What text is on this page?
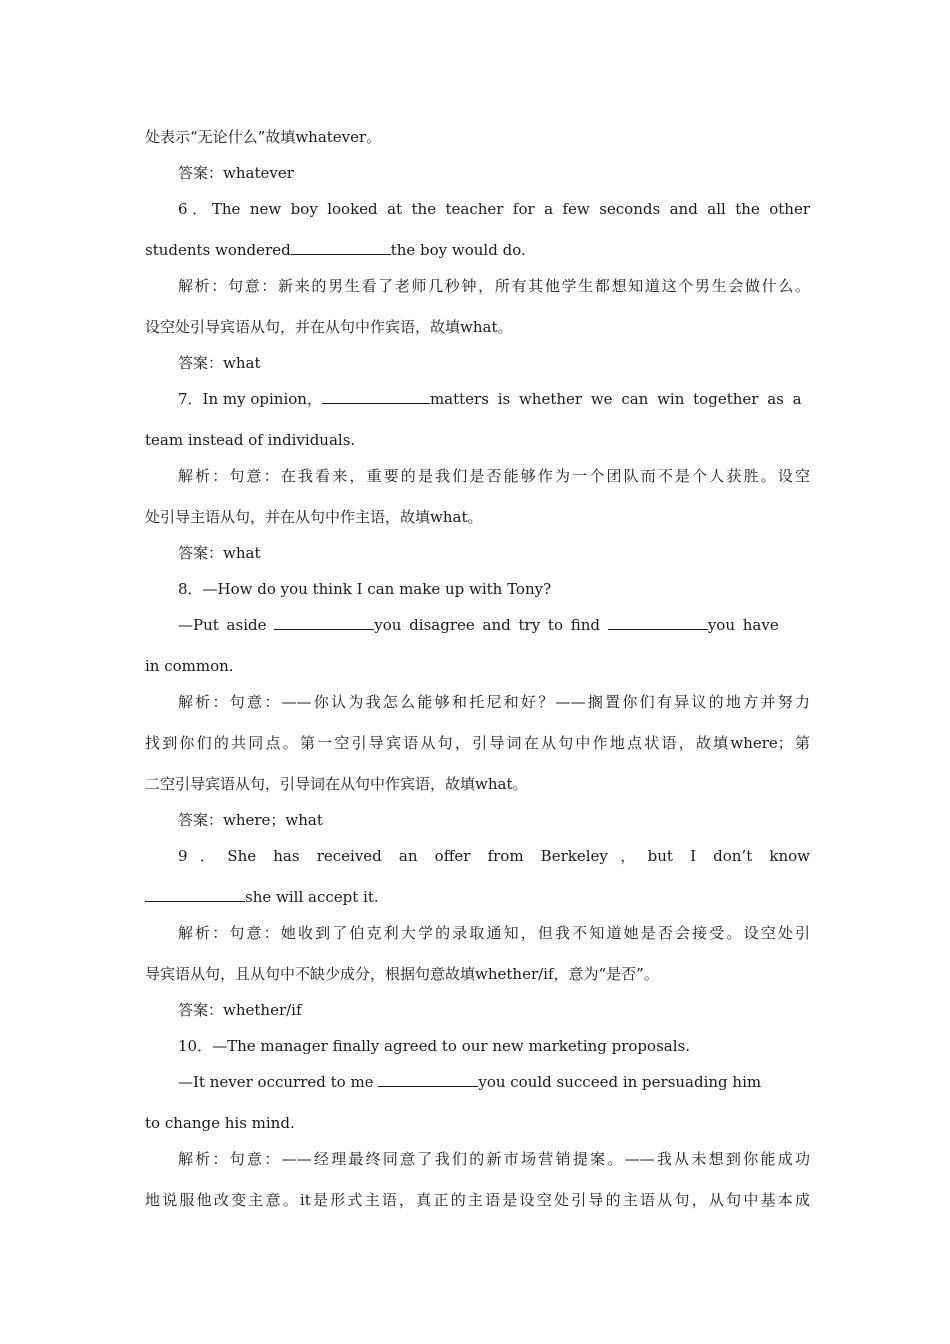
处表示“无论什么”故填whatever。
答案：whatever
6．The new boy looked at the teacher for a few seconds and all the other
students wondered	the boy would do.
解析：句意：新来的男生看了老师几秒钟，所有其他学生都想知道这个男生会做什么。
设空处引导宾语从句，并在从句中作宾语，故填what。
答案：what
7．In my opinion，	matters is whether we can win together as a
team instead of individuals.
解析：句意：在我看来，重要的是我们是否能够作为一个团队而不是个人获胜。设空
处引导主语从句，并在从句中作主语，故填what。
答案：what
8．—How do you think I can make up with Tony?
—Put aside	you disagree and try to find	you have
in common.
解析：句意：——你认为我怎么能够和托尼和好？——搁置你们有异议的地方并努力
找到你们的共同点。第一空引导宾语从句，引导词在从句中作地点状语，故填where；第
二空引导宾语从句，引导词在从句中作宾语，故填what。
答案：where；what
9．She has received an offer from Berkeley，but I don’t know
she will accept it.
解析：句意：她收到了伯克利大学的录取通知，但我不知道她是否会接受。设空处引
导宾语从句，且从句中不缺少成分，根据句意故填whether/if，意为“是否”。
答案：whether/if
10．—The manager finally agreed to our new marketing proposals.
—It never occurred to me	you could succeed in persuading him
to change his mind.
解析：句意：——经理最终同意了我们的新市场营销提案。——我从未想到你能成功
地说服他改变主意。it是形式主语，真正的主语是设空处引导的主语从句，从句中基本成
